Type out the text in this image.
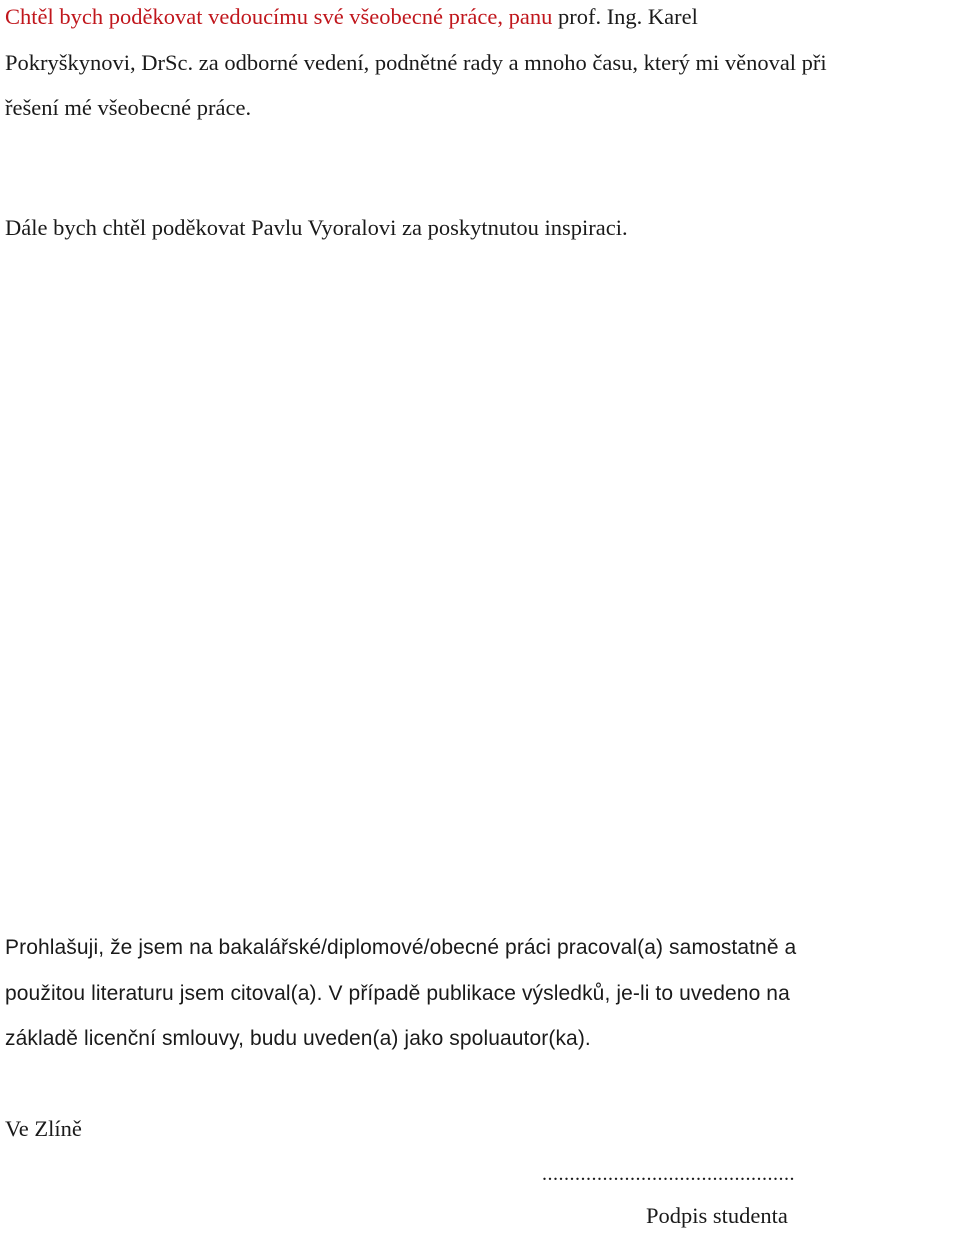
Chtěl bych poděkovat vedoucímu své všeobecné práce, panu prof. Ing. Karel
Pokryškynovi, DrSc. za odborné vedení, podnětné rady a mnoho času, který mi věnoval při
řešení mé všeobecné práce.
Dále bych chtěl poděkovat Pavlu Vyoralovi za poskytnutou inspiraci.
Prohlašuji, že jsem na bakalářské/diplomové/obecné práci pracoval(a) samostatně a
použitou literaturu jsem citoval(a). V případě publikace výsledků, je-li to uvedeno na
základě licenční smlouvy, budu uveden(a) jako spoluautor(ka).
Ve Zlíně
..............................................
Podpis studenta
